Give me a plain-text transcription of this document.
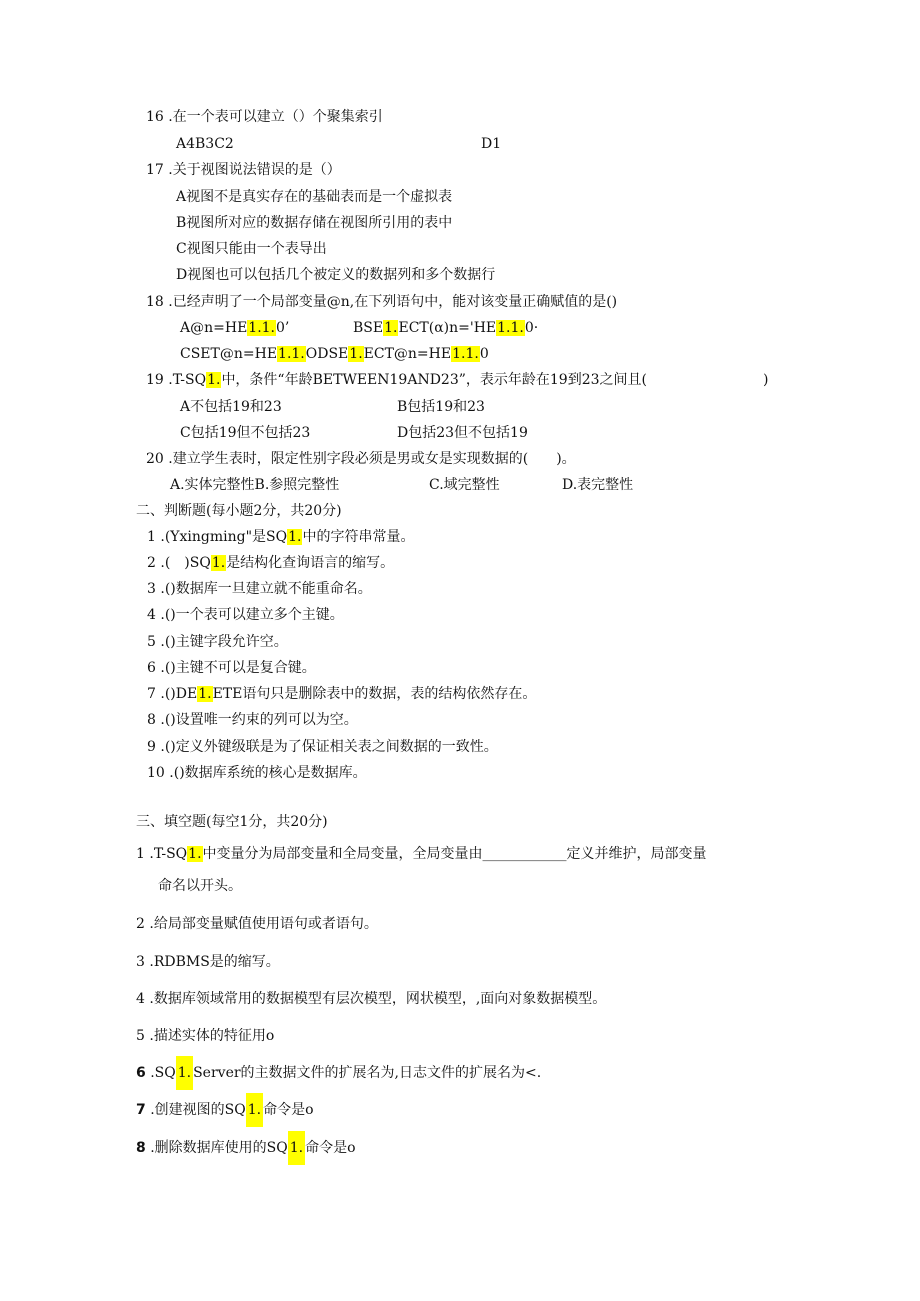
16 .在一个表可以建立（）个聚集索引
A4B3C2	D1
17 .关于视图说法错误的是（）
A视图不是真实存在的基础表而是一个虚拟表
B视图所对应的数据存储在视图所引用的表中
C视图只能由一个表导出
D视图也可以包括几个被定义的数据列和多个数据行
18 .已经声明了一个局部变量@n,在下列语句中，能对该变量正确赋值的是()
A@n=HE1.1.0’	BSE1.ECT(α)n='HE1.1.0·
CSET@n=HE1.1.ODSE1.ECT@n=HE1.1.0
19 .T-SQ1.中，条件“年龄BETWEEN19AND23”，表示年龄在19到23之间且(	)
A不包括19和23	B包括19和23
C包括19但不包括23	D包括23但不包括19
20 .建立学生表时，限定性别字段必须是男或女是实现数据的(　　)。
A.实体完整性B.参照完整性	C.域完整性	D.表完整性
二、判断题(每小题2分，共20分)
1 .(Yxingming"是SQ1.中的字符串常量。
2 .(　)SQ1.是结构化查询语言的缩写。
3 .()数据库一旦建立就不能重命名。
4 .()一个表可以建立多个主键。
5 .()主键字段允许空。
6 .()主键不可以是复合键。
7 .()DE1.ETE语句只是删除表中的数据，表的结构依然存在。
8 .()设置唯一约束的列可以为空。
9 .()定义外键级联是为了保证相关表之间数据的一致性。
10 .()数据库系统的核心是数据库。
三、填空题(每空1分，共20分)
1 .T-SQ1.中变量分为局部变量和全局变量，全局变量由____________定义并维护，局部变量
命名以开头。
2 .给局部变量赋值使用语句或者语句。
3 .RDBMS是的缩写。
4 .数据库领域常用的数据模型有层次模型，网状模型，,面向对象数据模型。
5 .描述实体的特征用o
6 .SQ 1. Server的主数据文件的扩展名为,日志文件的扩展名为<.
7 .创建视图的SQ 1. 命令是o
8 .删除数据库使用的SQ 1. 命令是o
